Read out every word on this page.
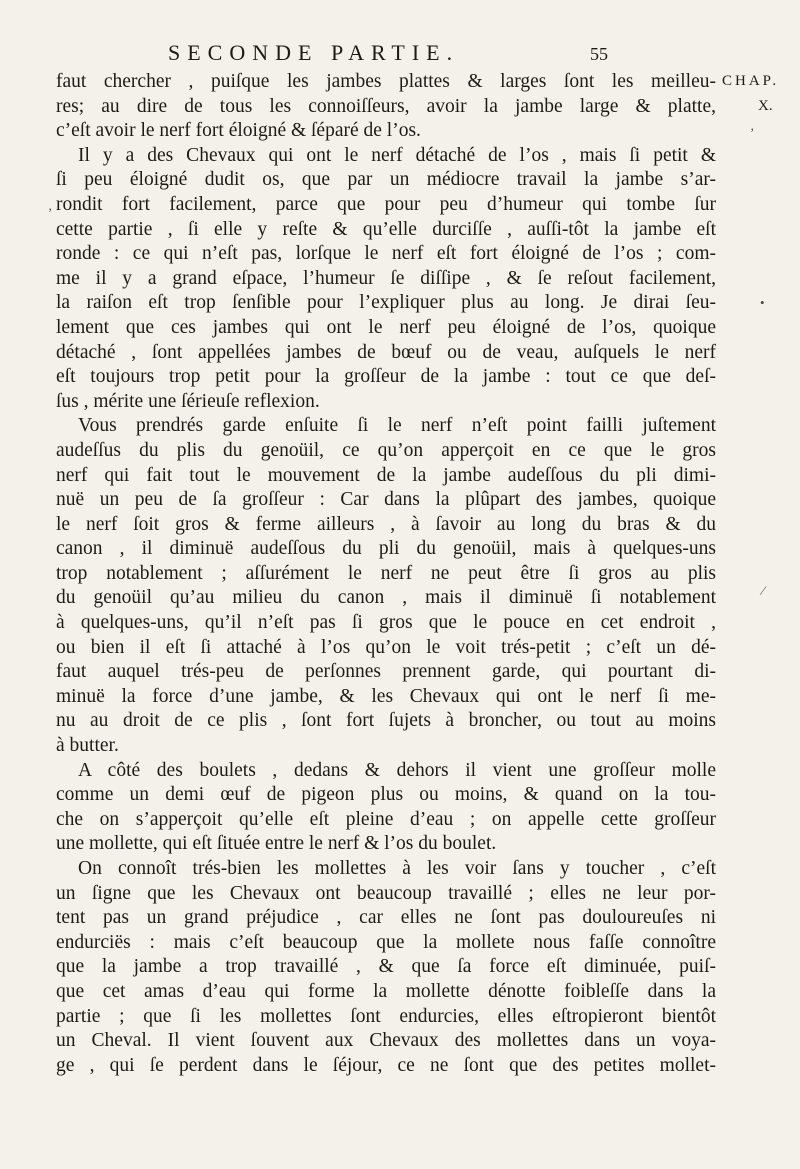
SECONDE PARTIE.	55
CHAP.
X.
’
’
•
⁄
faut chercher , puiſque les jambes plattes & larges ſont les meilleu-
res; au dire de tous les connoiſſeurs, avoir la jambe large & platte,
c’eſt avoir le nerf fort éloigné & ſéparé de l’os.
Il y a des Chevaux qui ont le nerf détaché de l’os , mais ſi petit &
ſi peu éloigné dudit os, que par un médiocre travail la jambe s’ar-
rondit fort facilement, parce que pour peu d’humeur qui tombe ſur
cette partie , ſi elle y reſte & qu’elle durciſſe , auſſi-tôt la jambe eſt
ronde : ce qui n’eſt pas, lorſque le nerf eſt fort éloigné de l’os ; com-
me il y a grand eſpace, l’humeur ſe diſſipe , & ſe reſout facilement,
la raiſon eſt trop ſenſible pour l’expliquer plus au long. Je dirai ſeu-
lement que ces jambes qui ont le nerf peu éloigné de l’os, quoique
détaché , ſont appellées jambes de bœuf ou de veau, auſquels le nerf
eſt toujours trop petit pour la groſſeur de la jambe : tout ce que deſ-
ſus , mérite une ſérieuſe reflexion.
Vous prendrés garde enſuite ſi le nerf n’eſt point failli juſtement
audeſſus du plis du genoüil, ce qu’on apperçoit en ce que le gros
nerf qui fait tout le mouvement de la jambe audeſſous du pli dimi-
nuë un peu de ſa groſſeur : Car dans la plûpart des jambes, quoique
le nerf ſoit gros & ferme ailleurs , à ſavoir au long du bras & du
canon , il diminuë audeſſous du pli du genoüil, mais à quelques-uns
trop notablement ; aſſurément le nerf ne peut être ſi gros au plis
du genoüil qu’au milieu du canon , mais il diminuë ſi notablement
à quelques-uns, qu’il n’eſt pas ſi gros que le pouce en cet endroit ,
ou bien il eſt ſi attaché à l’os qu’on le voit trés-petit ; c’eſt un dé-
faut auquel trés-peu de perſonnes prennent garde, qui pourtant di-
minuë la force d’une jambe, & les Chevaux qui ont le nerf ſi me-
nu au droit de ce plis , ſont fort ſujets à broncher, ou tout au moins
à butter.
A côté des boulets , dedans & dehors il vient une groſſeur molle
comme un demi œuf de pigeon plus ou moins, & quand on la tou-
che on s’apperçoit qu’elle eſt pleine d’eau ; on appelle cette groſſeur
une mollette, qui eſt ſituée entre le nerf & l’os du boulet.
On connoît trés-bien les mollettes à les voir ſans y toucher , c’eſt
un ſigne que les Chevaux ont beaucoup travaillé ; elles ne leur por-
tent pas un grand préjudice , car elles ne ſont pas douloureuſes ni
endurciës : mais c’eſt beaucoup que la mollete nous faſſe connoître
que la jambe a trop travaillé , & que ſa force eſt diminuée, puiſ-
que cet amas d’eau qui forme la mollette dénotte foibleſſe dans la
partie ; que ſi les mollettes ſont endurcies, elles eſtropieront bientôt
un Cheval. Il vient ſouvent aux Chevaux des mollettes dans un voya-
ge , qui ſe perdent dans le ſéjour, ce ne ſont que des petites mollet-
